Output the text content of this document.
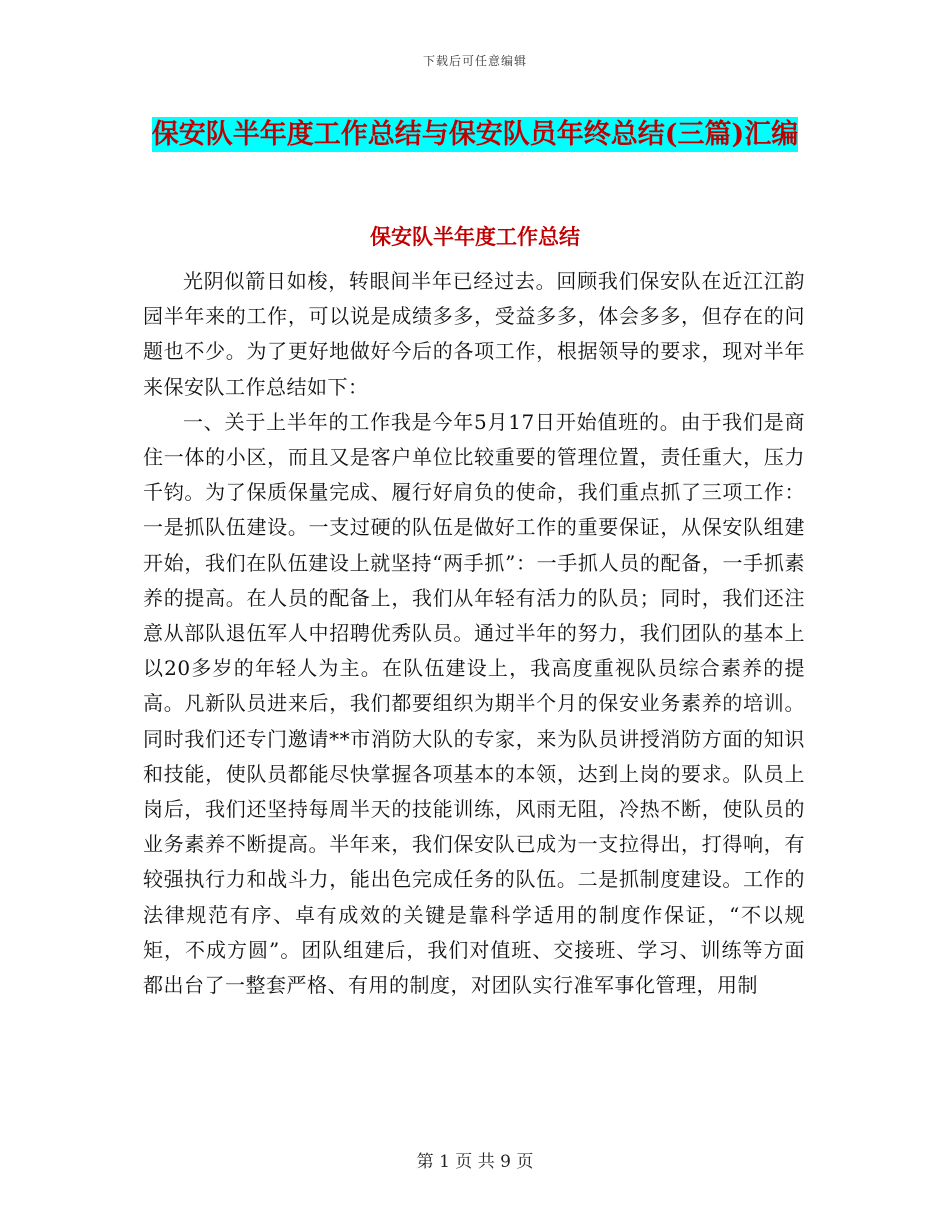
下载后可任意编辑
保安队半年度工作总结与保安队员年终总结(三篇)汇编
保安队半年度工作总结

光阴似箭日如梭，转眼间半年已经过去。回顾我们保安队在近江江韵园半年来的工作，可以说是成绩多多，受益多多，体会多多，但存在的问题也不少。为了更好地做好今后的各项工作，根据领导的要求，现对半年来保安队工作总结如下：

一、关于上半年的工作我是今年5月17日开始值班的。由于我们是商住一体的小区，而且又是客户单位比较重要的管理位置，责任重大，压力千钧。为了保质保量完成、履行好肩负的使命，我们重点抓了三项工作：一是抓队伍建设。一支过硬的队伍是做好工作的重要保证，从保安队组建开始，我们在队伍建设上就坚持“两手抓”：一手抓人员的配备，一手抓素养的提高。在人员的配备上，我们从年轻有活力的队员；同时，我们还注意从部队退伍军人中招聘优秀队员。通过半年的努力，我们团队的基本上以20多岁的年轻人为主。在队伍建设上，我高度重视队员综合素养的提高。凡新队员进来后，我们都要组织为期半个月的保安业务素养的培训。同时我们还专门邀请**市消防大队的专家，来为队员讲授消防方面的知识和技能，使队员都能尽快掌握各项基本的本领，达到上岗的要求。队员上岗后，我们还坚持每周半天的技能训练，风雨无阻，冷热不断，使队员的业务素养不断提高。半年来，我们保安队已成为一支拉得出，打得响，有较强执行力和战斗力，能出色完成任务的队伍。二是抓制度建设。工作的法律规范有序、卓有成效的关键是靠科学适用的制度作保证，“不以规矩，不成方圆”。团队组建后，我们对值班、交接班、学习、训练等方面都出台了一整套严格、有用的制度，对团队实行准军事化管理，用制

第 1 页 共 9 页
